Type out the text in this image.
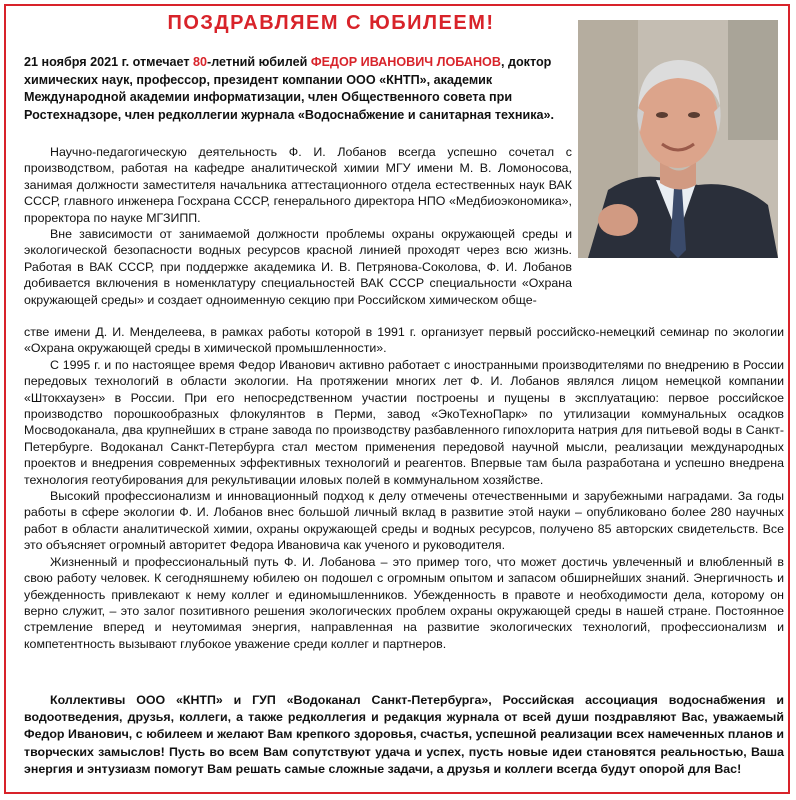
ПОЗДРАВЛЯЕМ С ЮБИЛЕЕМ!
21 ноября 2021 г. отмечает 80-летний юбилей ФЕДОР ИВАНОВИЧ ЛОБАНОВ, доктор химических наук, профессор, президент компании ООО «КНТП», академик Международной академии информатизации, член Общественного совета при Ростехнадзоре, член редколлегии журнала «Водоснабжение и санитарная техника».

Научно-педагогическую деятельность Ф. И. Лобанов всегда успешно сочетал с производством, работая на кафедре аналитической химии МГУ имени М. В. Ломоносова, занимая должности заместителя начальника аттестационного отдела естественных наук ВАК СССР, главного инженера Госхрана СССР, генерального директора НПО «Медбиоэкономика», проректора по науке МГЗИПП.

Вне зависимости от занимаемой должности проблемы охраны окружающей среды и экологической безопасности водных ресурсов красной линией проходят через всю жизнь. Работая в ВАК СССР, при поддержке академика И. В. Петрянова-Соколова, Ф. И. Лобанов добивается включения в номенклатуру специальностей ВАК СССР специальности «Охрана окружающей среды» и создает одноименную секцию при Российском химическом обще-

стве имени Д. И. Менделеева, в рамках работы которой в 1991 г. организует первый российско-немецкий семинар по экологии «Охрана окружающей среды в химической промышленности».

С 1995 г. и по настоящее время Федор Иванович активно работает с иностранными производителями по внедрению в России передовых технологий в области экологии. На протяжении многих лет Ф. И. Лобанов являлся лицом немецкой компании «Штокхаузен» в России. При его непосредственном участии построены и пущены в эксплуатацию: первое российское производство порошкообразных флокулянтов в Перми, завод «ЭкоТехноПарк» по утилизации коммунальных осадков Мосводоканала, два крупнейших в стране завода по производству разбавленного гипохлорита натрия для питьевой воды в Санкт-Петербурге. Водоканал Санкт-Петербурга стал местом применения передовой научной мысли, реализации международных проектов и внедрения современных эффективных технологий и реагентов. Впервые там была разработана и успешно внедрена технология геотубирования для рекультивации иловых полей в коммунальном хозяйстве.

Высокий профессионализм и инновационный подход к делу отмечены отечественными и зарубежными наградами. За годы работы в сфере экологии Ф. И. Лобанов внес большой личный вклад в развитие этой науки – опубликовано более 280 научных работ в области аналитической химии, охраны окружающей среды и водных ресурсов, получено 85 авторских свидетельств. Все это объясняет огромный авторитет Федора Ивановича как ученого и руководителя.

Жизненный и профессиональный путь Ф. И. Лобанова – это пример того, что может достичь увлеченный и влюбленный в свою работу человек. К сегодняшнему юбилею он подошел с огромным опытом и запасом обширнейших знаний. Энергичность и убежденность привлекают к нему коллег и единомышленников. Убежденность в правоте и необходимости дела, которому он верно служит, – это залог позитивного решения экологических проблем охраны окружающей среды в нашей стране. Постоянное стремление вперед и неутомимая энергия, направленная на развитие экологических технологий, профессионализм и компетентность вызывают глубокое уважение среди коллег и партнеров.

Коллективы ООО «КНТП» и ГУП «Водоканал Санкт-Петербурга», Российская ассоциация водоснабжения и водоотведения, друзья, коллеги, а также редколлегия и редакция журнала от всей души поздравляют Вас, уважаемый Федор Иванович, с юбилеем и желают Вам крепкого здоровья, счастья, успешной реализации всех намеченных планов и творческих замыслов! Пусть во всем Вам сопутствуют удача и успех, пусть новые идеи становятся реальностью, Ваша энергия и энтузиазм помогут Вам решать самые сложные задачи, а друзья и коллеги всегда будут опорой для Вас!
